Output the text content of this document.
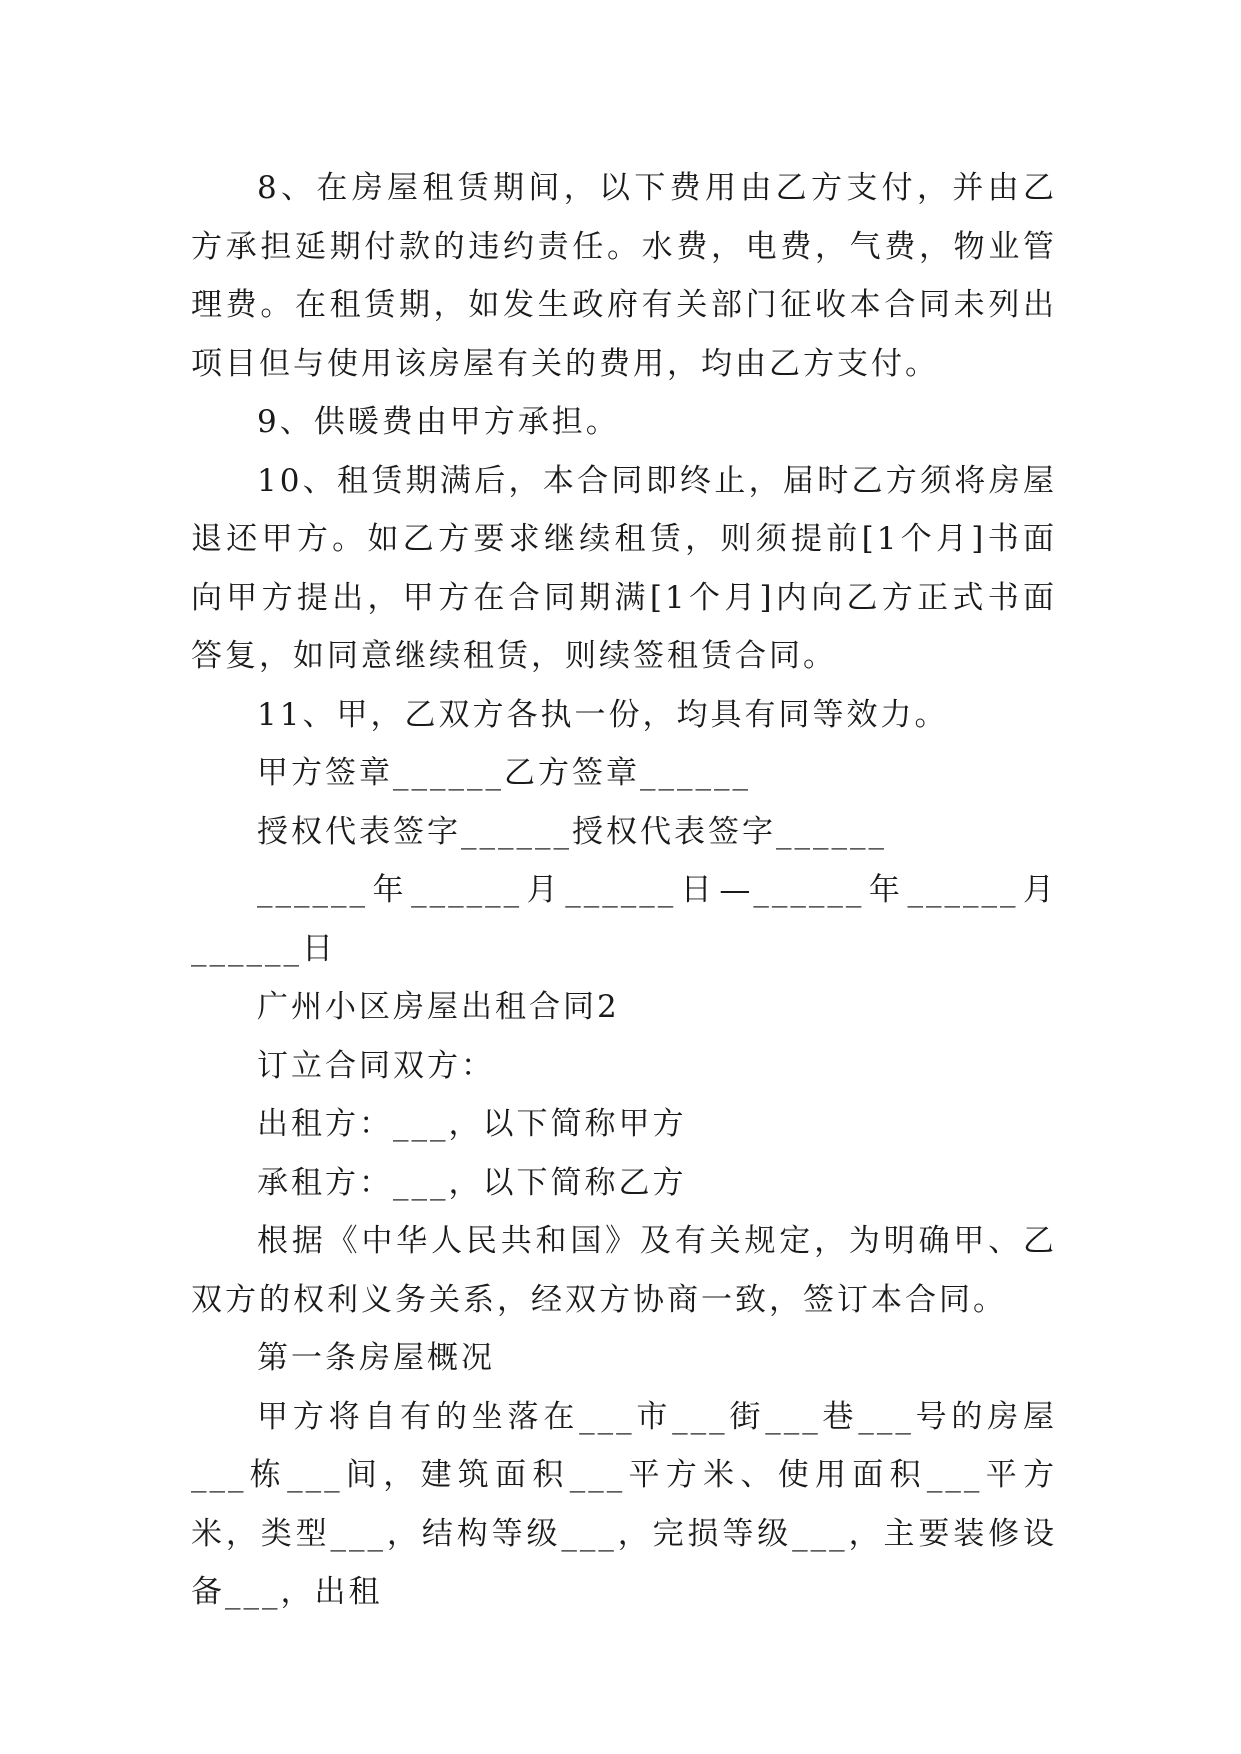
8、在房屋租赁期间，以下费用由乙方支付，并由乙方承担延期付款的违约责任。水费，电费，气费，物业管理费。在租赁期，如发生政府有关部门征收本合同未列出项目但与使用该房屋有关的费用，均由乙方支付。

9、供暖费由甲方承担。

10、租赁期满后，本合同即终止，届时乙方须将房屋退还甲方。如乙方要求继续租赁，则须提前[1个月]书面向甲方提出，甲方在合同期满[1个月]内向乙方正式书面答复，如同意继续租赁，则续签租赁合同。

11、甲，乙双方各执一份，均具有同等效力。

甲方签章______乙方签章______

授权代表签字______授权代表签字______

______年______月______日—______年______月______日

广州小区房屋出租合同2

订立合同双方：

出租方：___，以下简称甲方

承租方：___，以下简称乙方

根据《中华人民共和国》及有关规定，为明确甲、乙双方的权利义务关系，经双方协商一致，签订本合同。

第一条房屋概况

甲方将自有的坐落在___市___街___巷___号的房屋___栋___间，建筑面积___平方米、使用面积___平方米，类型___，结构等级___，完损等级___，主要装修设备___，出租
